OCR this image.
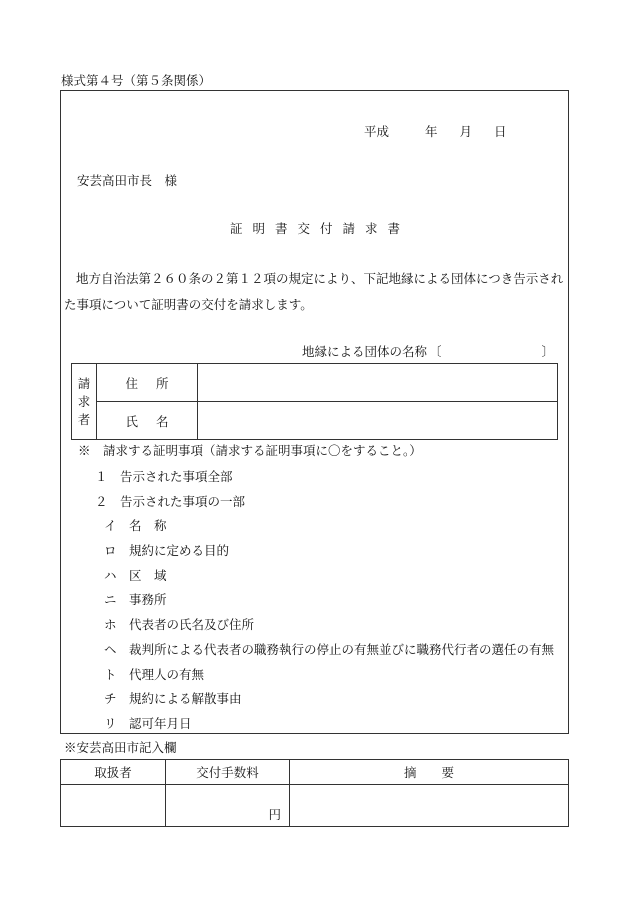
様式第４号（第５条関係）
平成	年 月 日
安芸高田市長　様
証明書交付請求書
地方自治法第２６０条の２第１２項の規定により、下記地縁による団体につき告示された事項について証明書の交付を請求します。
地縁による団体の名称 〔	〕
請
求
者	住所	
	氏名	
※　請求する証明事項（請求する証明事項に〇をすること。）
１　 告示された事項全部
２　 告示された事項の一部
イ　 名　称
ロ　 規約に定める目的
ハ　 区　域
ニ　 事務所
ホ　 代表者の氏名及び住所
ヘ　 裁判所による代表者の職務執行の停止の有無並びに職務代行者の選任の有無
ト　 代理人の有無
チ　 規約による解散事由
リ　 認可年月日
※安芸高田市記入欄
取扱者	交付手数料	摘　　要
	円	
